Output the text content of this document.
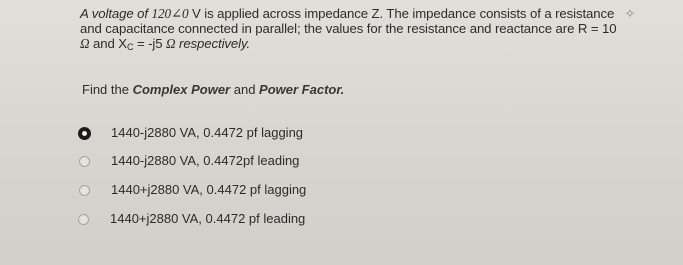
A voltage of 120∠0 V is applied across impedance Z. The impedance consists of a resistance
and capacitance connected in parallel; the values for the resistance and reactance are R = 10
Ω and $X_C = -j5$ Ω respectively.
✧
Find the Complex Power and Power Factor.
1440-j2880 VA, 0.4472 pf lagging
1440-j2880 VA, 0.4472pf leading
1440+j2880 VA, 0.4472 pf lagging
1440+j2880 VA, 0.4472 pf leading
